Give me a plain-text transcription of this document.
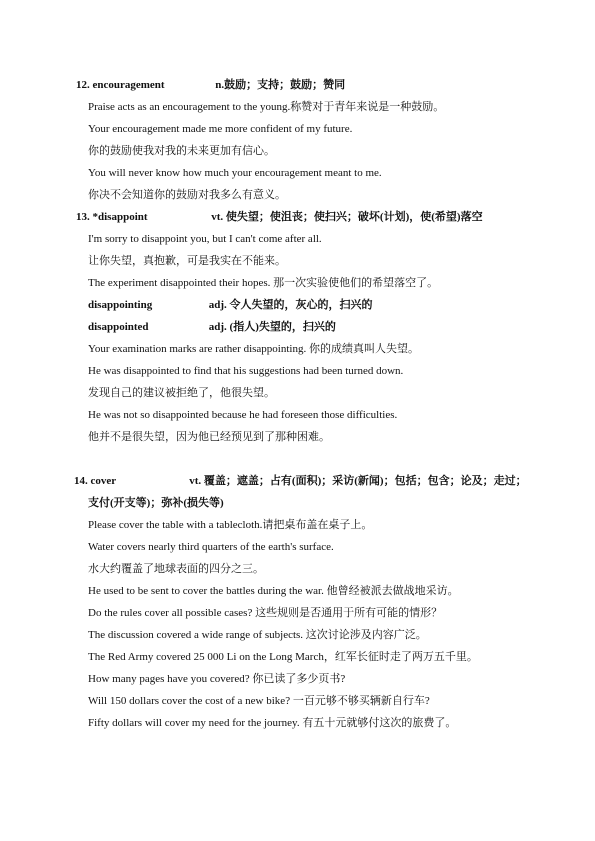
12. encouragement	n.鼓励；支持；鼓励；赞同
Praise acts as an encouragement to the young.称赞对于青年来说是一种鼓励。
Your encouragement made me more confident of my future.
你的鼓励使我对我的未来更加有信心。
You will never know how much your encouragement meant to me.
你决不会知道你的鼓励对我多么有意义。
13. *disappoint	vt. 使失望；使沮丧；使扫兴；破坏(计划)，使(希望)落空
I'm sorry to disappoint you, but I can't come after all.
让你失望，真抱歉，可是我实在不能来。
The experiment disappointed their hopes. 那一次实验使他们的希望落空了。
disappointing	adj. 令人失望的，灰心的，扫兴的
disappointed	adj. (指人)失望的，扫兴的
Your examination marks are rather disappointing. 你的成绩真叫人失望。
He was disappointed to find that his suggestions had been turned down.
发现自己的建议被拒绝了，他很失望。
He was not so disappointed because he had foreseen those difficulties.
他并不是很失望，因为他已经预见到了那种困难。
14. cover	vt. 覆盖；遮盖；占有(面积)；采访(新闻)；包括；包含；论及；走过；
支付(开支等)；弥补(损失等)
Please cover the table with a tablecloth.请把桌布盖在桌子上。
Water covers nearly third quarters of the earth's surface.
水大约覆盖了地球表面的四分之三。
He used to be sent to cover the battles during the war. 他曾经被派去做战地采访。
Do the rules cover all possible cases? 这些规则是否通用于所有可能的情形？
The discussion covered a wide range of subjects. 这次讨论涉及内容广泛。
The Red Army covered 25 000 Li on the Long March，红军长征时走了两万五千里。
How many pages have you covered? 你已读了多少页书?
Will 150 dollars cover the cost of a new bike? 一百元够不够买辆新自行车?
Fifty dollars will cover my need for the journey. 有五十元就够付这次的旅费了。
